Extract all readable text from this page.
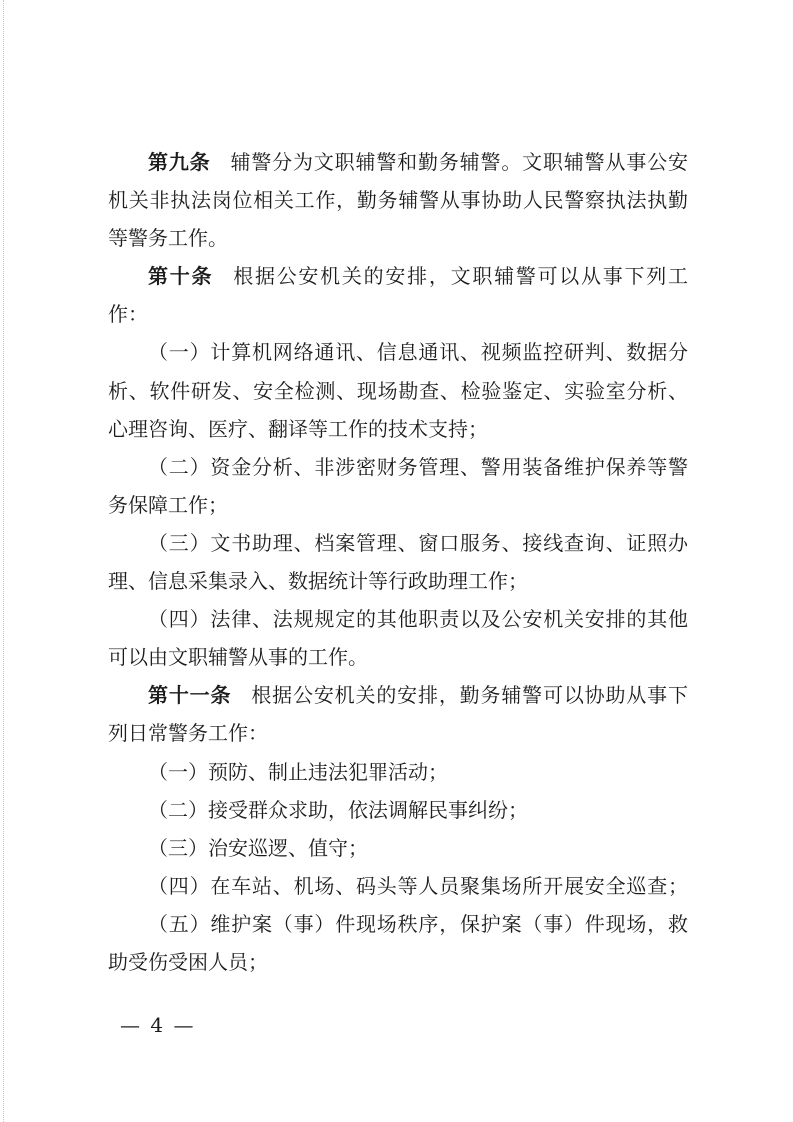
第九条 辅警分为文职辅警和勤务辅警。文职辅警从事公安
机关非执法岗位相关工作，勤务辅警从事协助人民警察执法执勤
等警务工作。
第十条 根据公安机关的安排，文职辅警可以从事下列工
作：
（一）计算机网络通讯、信息通讯、视频监控研判、数据分
析、软件研发、安全检测、现场勘查、检验鉴定、实验室分析、
心理咨询、医疗、翻译等工作的技术支持；
（二）资金分析、非涉密财务管理、警用装备维护保养等警
务保障工作；
（三）文书助理、档案管理、窗口服务、接线查询、证照办
理、信息采集录入、数据统计等行政助理工作；
（四）法律、法规规定的其他职责以及公安机关安排的其他
可以由文职辅警从事的工作。
第十一条 根据公安机关的安排，勤务辅警可以协助从事下
列日常警务工作：
（一）预防、制止违法犯罪活动；
（二）接受群众求助，依法调解民事纠纷；
（三）治安巡逻、值守；
（四）在车站、机场、码头等人员聚集场所开展安全巡查；
（五）维护案（事）件现场秩序，保护案（事）件现场，救
助受伤受困人员；
— 4 —
